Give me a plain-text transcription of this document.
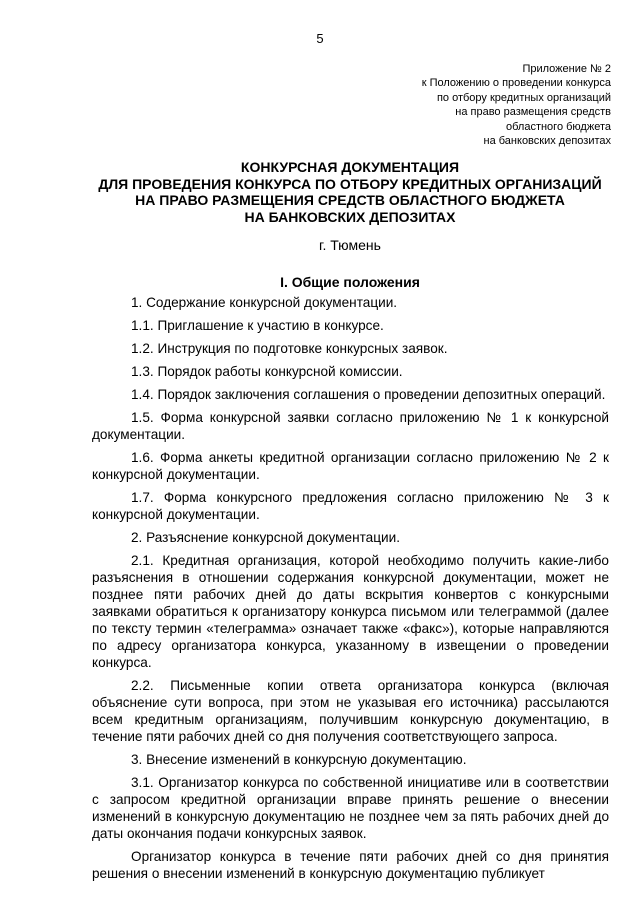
5
Приложение № 2
к Положению о проведении конкурса
по отбору кредитных организаций
на право размещения средств
областного бюджета
на банковских депозитах
КОНКУРСНАЯ ДОКУМЕНТАЦИЯ
ДЛЯ ПРОВЕДЕНИЯ КОНКУРСА ПО ОТБОРУ КРЕДИТНЫХ ОРГАНИЗАЦИЙ
НА ПРАВО РАЗМЕЩЕНИЯ СРЕДСТВ ОБЛАСТНОГО БЮДЖЕТА
НА БАНКОВСКИХ ДЕПОЗИТАХ
г. Тюмень
I. Общие положения

1. Содержание конкурсной документации.

1.1. Приглашение к участию в конкурсе.

1.2. Инструкция по подготовке конкурсных заявок.

1.3. Порядок работы конкурсной комиссии.

1.4. Порядок заключения соглашения о проведении депозитных операций.

1.5. Форма конкурсной заявки согласно приложению № 1 к конкурсной документации.

1.6. Форма анкеты кредитной организации согласно приложению № 2 к конкурсной документации.

1.7. Форма конкурсного предложения согласно приложению № 3 к конкурсной документации.

2. Разъяснение конкурсной документации.

2.1. Кредитная организация, которой необходимо получить какие-либо разъяснения в отношении содержания конкурсной документации, может не позднее пяти рабочих дней до даты вскрытия конвертов с конкурсными заявками обратиться к организатору конкурса письмом или телеграммой (далее по тексту термин «телеграмма» означает также «факс»), которые направляются по адресу организатора конкурса, указанному в извещении о проведении конкурса.

2.2. Письменные копии ответа организатора конкурса (включая объяснение сути вопроса, при этом не указывая его источника) рассылаются всем кредитным организациям, получившим конкурсную документацию, в течение пяти рабочих дней со дня получения соответствующего запроса.

3. Внесение изменений в конкурсную документацию.

3.1. Организатор конкурса по собственной инициативе или в соответствии с запросом кредитной организации вправе принять решение о внесении изменений в конкурсную документацию не позднее чем за пять рабочих дней до даты окончания подачи конкурсных заявок.

Организатор конкурса в течение пяти рабочих дней со дня принятия решения о внесении изменений в конкурсную документацию публикует
